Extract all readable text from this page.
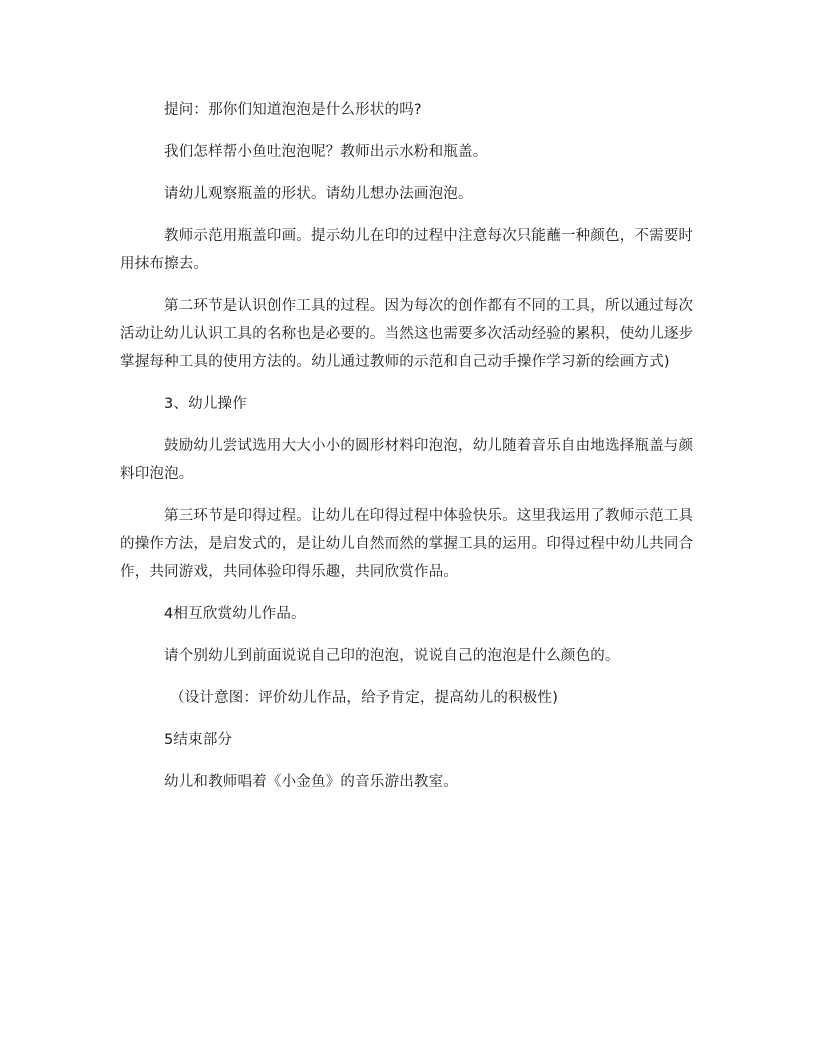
提问：那你们知道泡泡是什么形状的吗?

我们怎样帮小鱼吐泡泡呢？教师出示水粉和瓶盖。

请幼儿观察瓶盖的形状。请幼儿想办法画泡泡。

教师示范用瓶盖印画。提示幼儿在印的过程中注意每次只能蘸一种颜色，不需要时用抹布擦去。

第二环节是认识创作工具的过程。因为每次的创作都有不同的工具，所以通过每次活动让幼儿认识工具的名称也是必要的。当然这也需要多次活动经验的累积，使幼儿逐步掌握每种工具的使用方法的。幼儿通过教师的示范和自己动手操作学习新的绘画方式)

3、幼儿操作

鼓励幼儿尝试选用大大小小的圆形材料印泡泡，幼儿随着音乐自由地选择瓶盖与颜料印泡泡。

第三环节是印得过程。让幼儿在印得过程中体验快乐。这里我运用了教师示范工具的操作方法，是启发式的，是让幼儿自然而然的掌握工具的运用。印得过程中幼儿共同合作，共同游戏，共同体验印得乐趣，共同欣赏作品。

4相互欣赏幼儿作品。

请个别幼儿到前面说说自己印的泡泡，说说自己的泡泡是什么颜色的。

（设计意图：评价幼儿作品，给予肯定，提高幼儿的积极性)

5结束部分

幼儿和教师唱着《小金鱼》的音乐游出教室。
